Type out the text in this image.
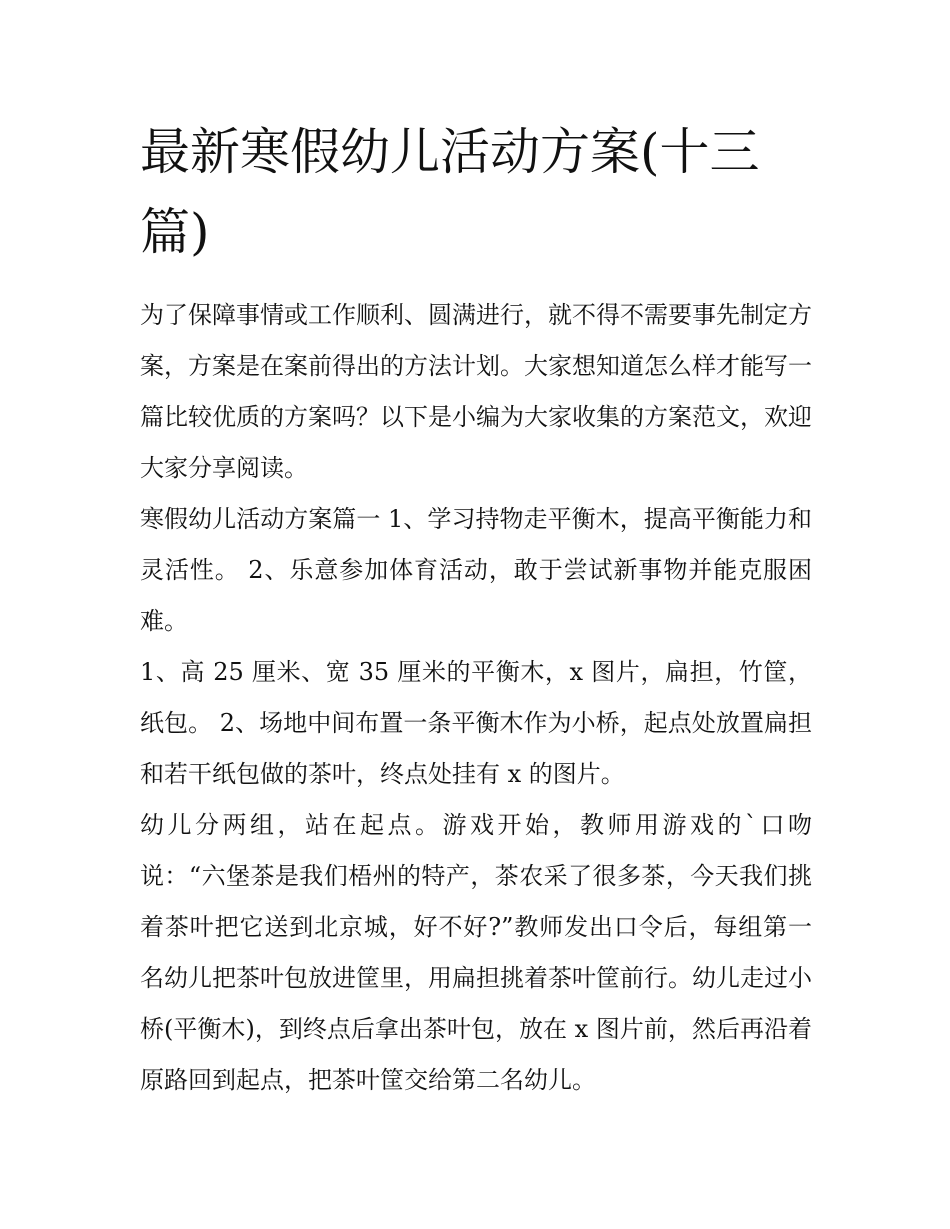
最新寒假幼儿活动方案(十三篇)

为了保障事情或工作顺利、圆满进行，就不得不需要事先制定方案，方案是在案前得出的方法计划。大家想知道怎么样才能写一篇比较优质的方案吗？以下是小编为大家收集的方案范文，欢迎大家分享阅读。

寒假幼儿活动方案篇一 1、学习持物走平衡木，提高平衡能力和灵活性。 2、乐意参加体育活动，敢于尝试新事物并能克服困难。

1、高 25 厘米、宽 35 厘米的平衡木，x 图片，扁担，竹筐，纸包。 2、场地中间布置一条平衡木作为小桥，起点处放置扁担和若干纸包做的茶叶，终点处挂有 x 的图片。

幼儿分两组，站在起点。游戏开始，教师用游戏的`口吻说：“六堡茶是我们梧州的特产，茶农采了很多茶，今天我们挑着茶叶把它送到北京城，好不好?”教师发出口令后，每组第一名幼儿把茶叶包放进筐里，用扁担挑着茶叶筐前行。幼儿走过小桥(平衡木)，到终点后拿出茶叶包，放在 x 图片前，然后再沿着原路回到起点，把茶叶筐交给第二名幼儿。
